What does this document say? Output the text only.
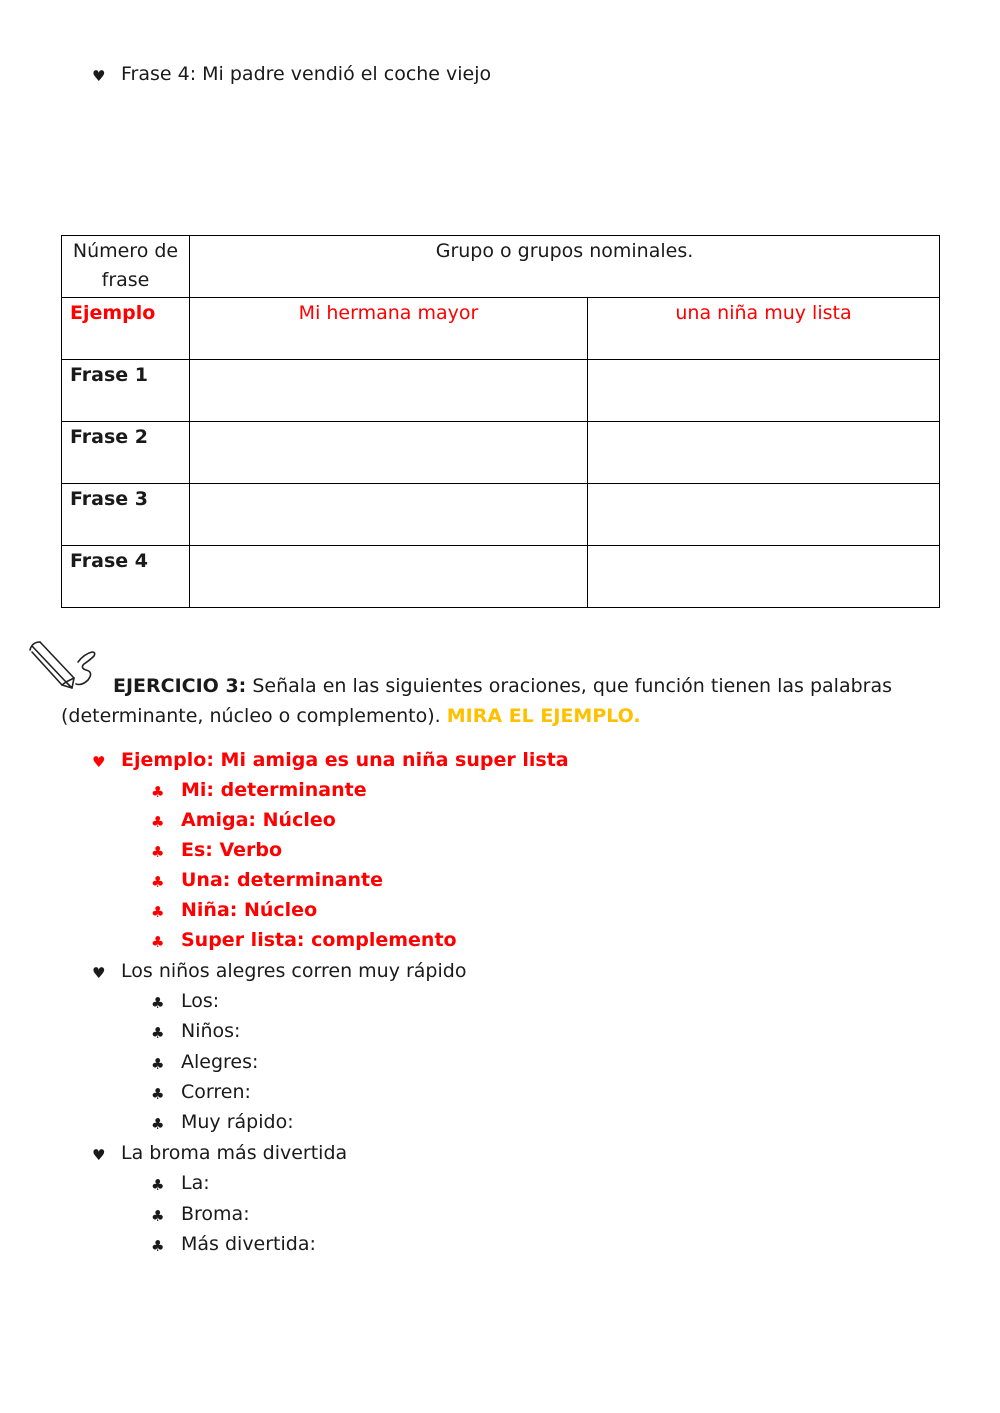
♥ Frase 4: Mi padre vendió el coche viejo
Número de
frase	Grupo o grupos nominales.	
Ejemplo	Mi hermana mayor	una niña muy lista
Frase 1		
Frase 2		
Frase 3		
Frase 4		
EJERCICIO 3: Señala en las siguientes oraciones, que función tienen las palabras
(determinante, núcleo o complemento). MIRA EL EJEMPLO.
♥ Ejemplo: Mi amiga es una niña super lista
♣ Mi: determinante
♣ Amiga: Núcleo
♣ Es: Verbo
♣ Una: determinante
♣ Niña: Núcleo
♣ Super lista: complemento
♥ Los niños alegres corren muy rápido
♣ Los:
♣ Niños:
♣ Alegres:
♣ Corren:
♣ Muy rápido:
♥ La broma más divertida
♣ La:
♣ Broma:
♣ Más divertida:
